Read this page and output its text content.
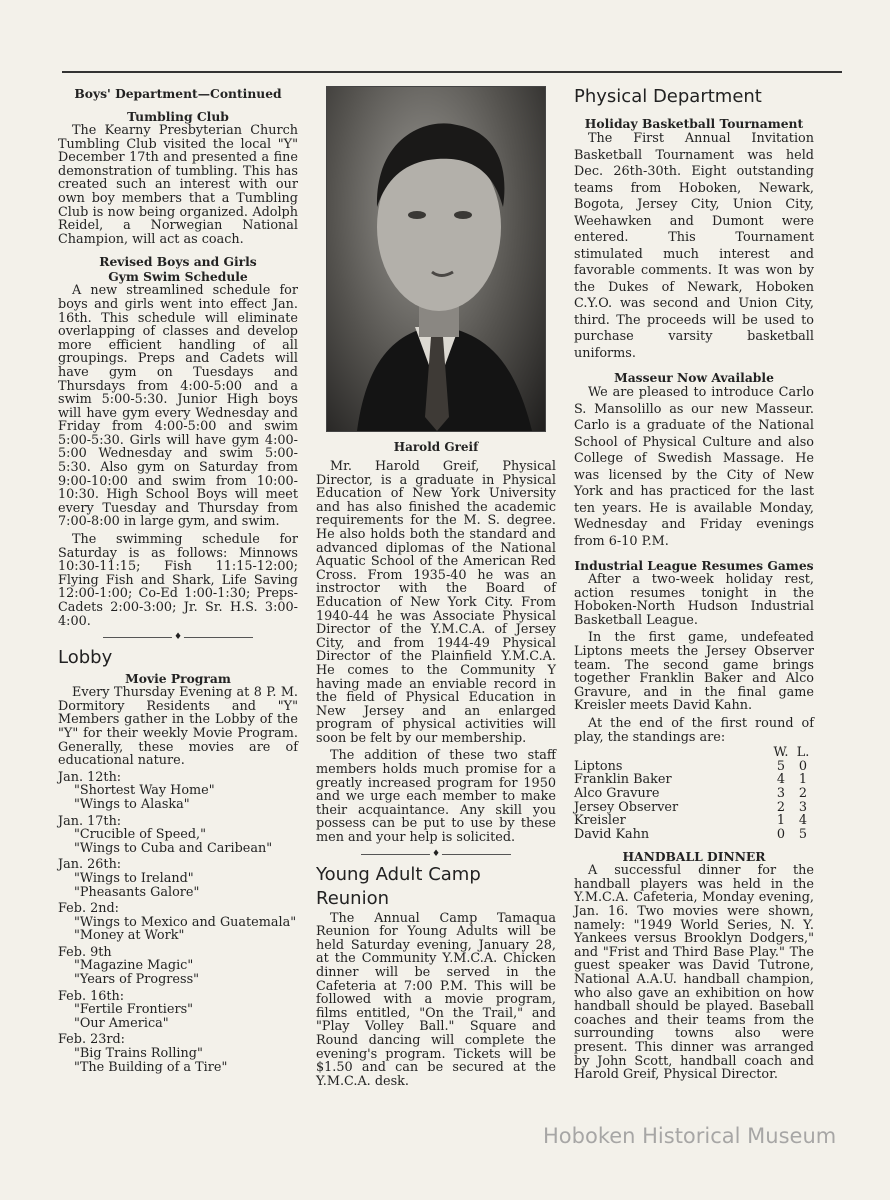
Boys' Department—Continued
Tumbling Club

The Kearny Presbyterian Church Tumbling Club visited the local "Y" December 17th and presented a fine demonstration of tumbling. This has created such an interest with our own boy members that a Tumbling Club is now being organized. Adolph Reidel, a Norwegian National Champion, will act as coach.

Revised Boys and Girls
Gym Swim Schedule

A new streamlined schedule for boys and girls went into effect Jan. 16th. This schedule will eliminate overlapping of classes and develop more efficient handling of all groupings. Preps and Cadets will have gym on Tuesdays and Thursdays from 4:00-5:00 and a swim 5:00-5:30. Junior High boys will have gym every Wednesday and Friday from 4:00-5:00 and swim 5:00-5:30. Girls will have gym 4:00-5:00 Wednesday and swim 5:00-5:30. Also gym on Saturday from 9:00-10:00 and swim from 10:00-10:30. High School Boys will meet every Tuesday and Thursday from 7:00-8:00 in large gym, and swim.

The swimming schedule for Saturday is as follows: Minnows 10:30-11:15; Fish 11:15-12:00; Flying Fish and Shark, Life Saving 12:00-1:00; Co-Ed 1:00-1:30; Preps-Cadets 2:00-3:00; Jr. Sr. H.S. 3:00-4:00.

♦
Lobby
Movie Program

Every Thursday Evening at 8 P. M. Dormitory Residents and "Y" Members gather in the Lobby of the "Y" for their weekly Movie Program. Generally, these movies are of educational nature.

Jan. 12th:
"Shortest Way Home"
"Wings to Alaska"
Jan. 17th:
"Crucible of Speed,"
"Wings to Cuba and Caribean"
Jan. 26th:
"Wings to Ireland"
"Pheasants Galore"
Feb. 2nd:
"Wings to Mexico and Guatemala"
"Money at Work"
Feb. 9th
"Magazine Magic"
"Years of Progress"
Feb. 16th:
"Fertile Frontiers"
"Our America"
Feb. 23rd:
"Big Trains Rolling"
"The Building of a Tire"
Harold Greif

Mr. Harold Greif, Physical Director, is a graduate in Physical Education of New York University and has also finished the academic requirements for the M. S. degree. He also holds both the standard and advanced diplomas of the National Aquatic School of the American Red Cross. From 1935-40 he was an instroctor with the Board of Education of New York City. From 1940-44 he was Associate Physical Director of the Y.M.C.A. of Jersey City, and from 1944-49 Physical Director of the Plainfield Y.M.C.A. He comes to the Community Y having made an enviable record in the field of Physical Education in New Jersey and an enlarged program of physical activities will soon be felt by our membership.

The addition of these two staff members holds much promise for a greatly increased program for 1950 and we urge each member to make their acquaintance. Any skill you possess can be put to use by these men and your help is solicited.

♦
Young Adult Camp
Reunion

The Annual Camp Tamaqua Reunion for Young Adults will be held Saturday evening, January 28, at the Community Y.M.C.A. Chicken dinner will be served in the Cafeteria at 7:00 P.M. This will be followed with a movie program, films entitled, "On the Trail," and "Play Volley Ball." Square and Round dancing will complete the evening's program. Tickets will be $1.50 and can be secured at the Y.M.C.A. desk.

Physical Department
Holiday Basketball Tournament

The First Annual Invitation Basketball Tournament was held Dec. 26th-30th. Eight outstanding teams from Hoboken, Newark, Bogota, Jersey City, Union City, Weehawken and Dumont were entered. This Tournament stimulated much interest and favorable comments. It was won by the Dukes of Newark, Hoboken C.Y.O. was second and Union City, third. The proceeds will be used to purchase varsity basketball uniforms.

Masseur Now Available

We are pleased to introduce Carlo S. Mansolillo as our new Masseur. Carlo is a graduate of the National School of Physical Culture and also College of Swedish Massage. He was licensed by the City of New York and has practiced for the last ten years. He is available Monday, Wednesday and Friday evenings from 6-10 P.M.

Industrial League Resumes Games

After a two-week holiday rest, action resumes tonight in the Hoboken-North Hudson Industrial Basketball League.

In the first game, undefeated Liptons meets the Jersey Observer team. The second game brings together Franklin Baker and Alco Gravure, and in the final game Kreisler meets David Kahn.

At the end of the first round of play, the standings are:

	W.	L.
Liptons	5	0
Franklin Baker	4	1
Alco Gravure	3	2
Jersey Observer	2	3
Kreisler	1	4
David Kahn	0	5
HANDBALL DINNER

A successful dinner for the handball players was held in the Y.M.C.A. Cafeteria, Monday evening, Jan. 16. Two movies were shown, namely: "1949 World Series, N. Y. Yankees versus Brooklyn Dodgers," and "Frist and Third Base Play." The guest speaker was David Tutrone, National A.A.U. handball champion, who also gave an exhibition on how handball should be played. Baseball coaches and their teams from the surrounding towns also were present. This dinner was arranged by John Scott, handball coach and Harold Greif, Physical Director.

Hoboken Historical Museum
